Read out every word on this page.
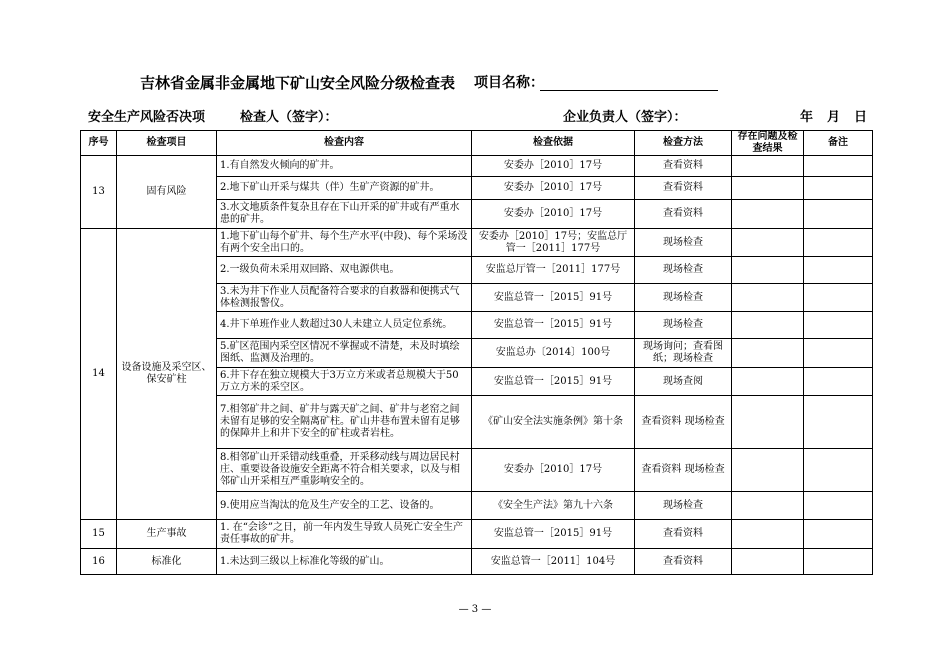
吉林省金属非金属地下矿山安全风险分级检查表 项目名称：
安全生产风险否决项	检查人（签字）：	企业负责人（签字）：	年 月 日
序号	检查项目	检查内容	检查依据	检查方法	存在问题及检查结果	备注
13	固有风险	1.有自然发火倾向的矿井。	安委办［2010］17号	查看资料		
		2.地下矿山开采与煤共（伴）生矿产资源的矿井。	安委办［2010］17号	查看资料		
		3.水文地质条件复杂且存在下山开采的矿井或有严重水患的矿井。	安委办［2010］17号	查看资料		
14	设备设施及采空区、保安矿柱	1.地下矿山每个矿井、每个生产水平(中段)、每个采场没有两个安全出口的。	安委办［2010］17号；安监总厅管一［2011］177号	现场检查		
		2.一级负荷未采用双回路、双电源供电。	安监总厅管一［2011］177号	现场检查		
		3.未为井下作业人员配备符合要求的自救器和便携式气体检测报警仪。	安监总管一［2015］91号	现场检查		
		4.井下单班作业人数超过30人未建立人员定位系统。	安监总管一［2015］91号	现场检查		
		5.矿区范围内采空区情况不掌握或不清楚，未及时填绘图纸、监测及治理的。	安监总办〔2014〕100号	现场询问；查看图纸；现场检查		
		6.井下存在独立规模大于3万立方米或者总规模大于50万立方米的采空区。	安监总管一［2015］91号	现场查阅		
		7.相邻矿井之间、矿井与露天矿之间、矿井与老窑之间未留有足够的安全隔离矿柱。矿山井巷布置未留有足够的保障井上和井下安全的矿柱或者岩柱。	《矿山安全法实施条例》第十条	查看资料 现场检查		
		8.相邻矿山开采错动线重叠，开采移动线与周边居民村庄、重要设备设施安全距离不符合相关要求，以及与相邻矿山开采相互严重影响安全的。	安委办［2010］17号	查看资料 现场检查		
		9.使用应当淘汰的危及生产安全的工艺、设备的。	《安全生产法》第九十六条	现场检查		
15	生产事故	1. 在“会诊”之日，前一年内发生导致人员死亡安全生产责任事故的矿井。	安监总管一［2015］91号	查看资料		
16	标准化	1.未达到三级以上标准化等级的矿山。	安监总管一［2011］104号	查看资料		
— 3 —
